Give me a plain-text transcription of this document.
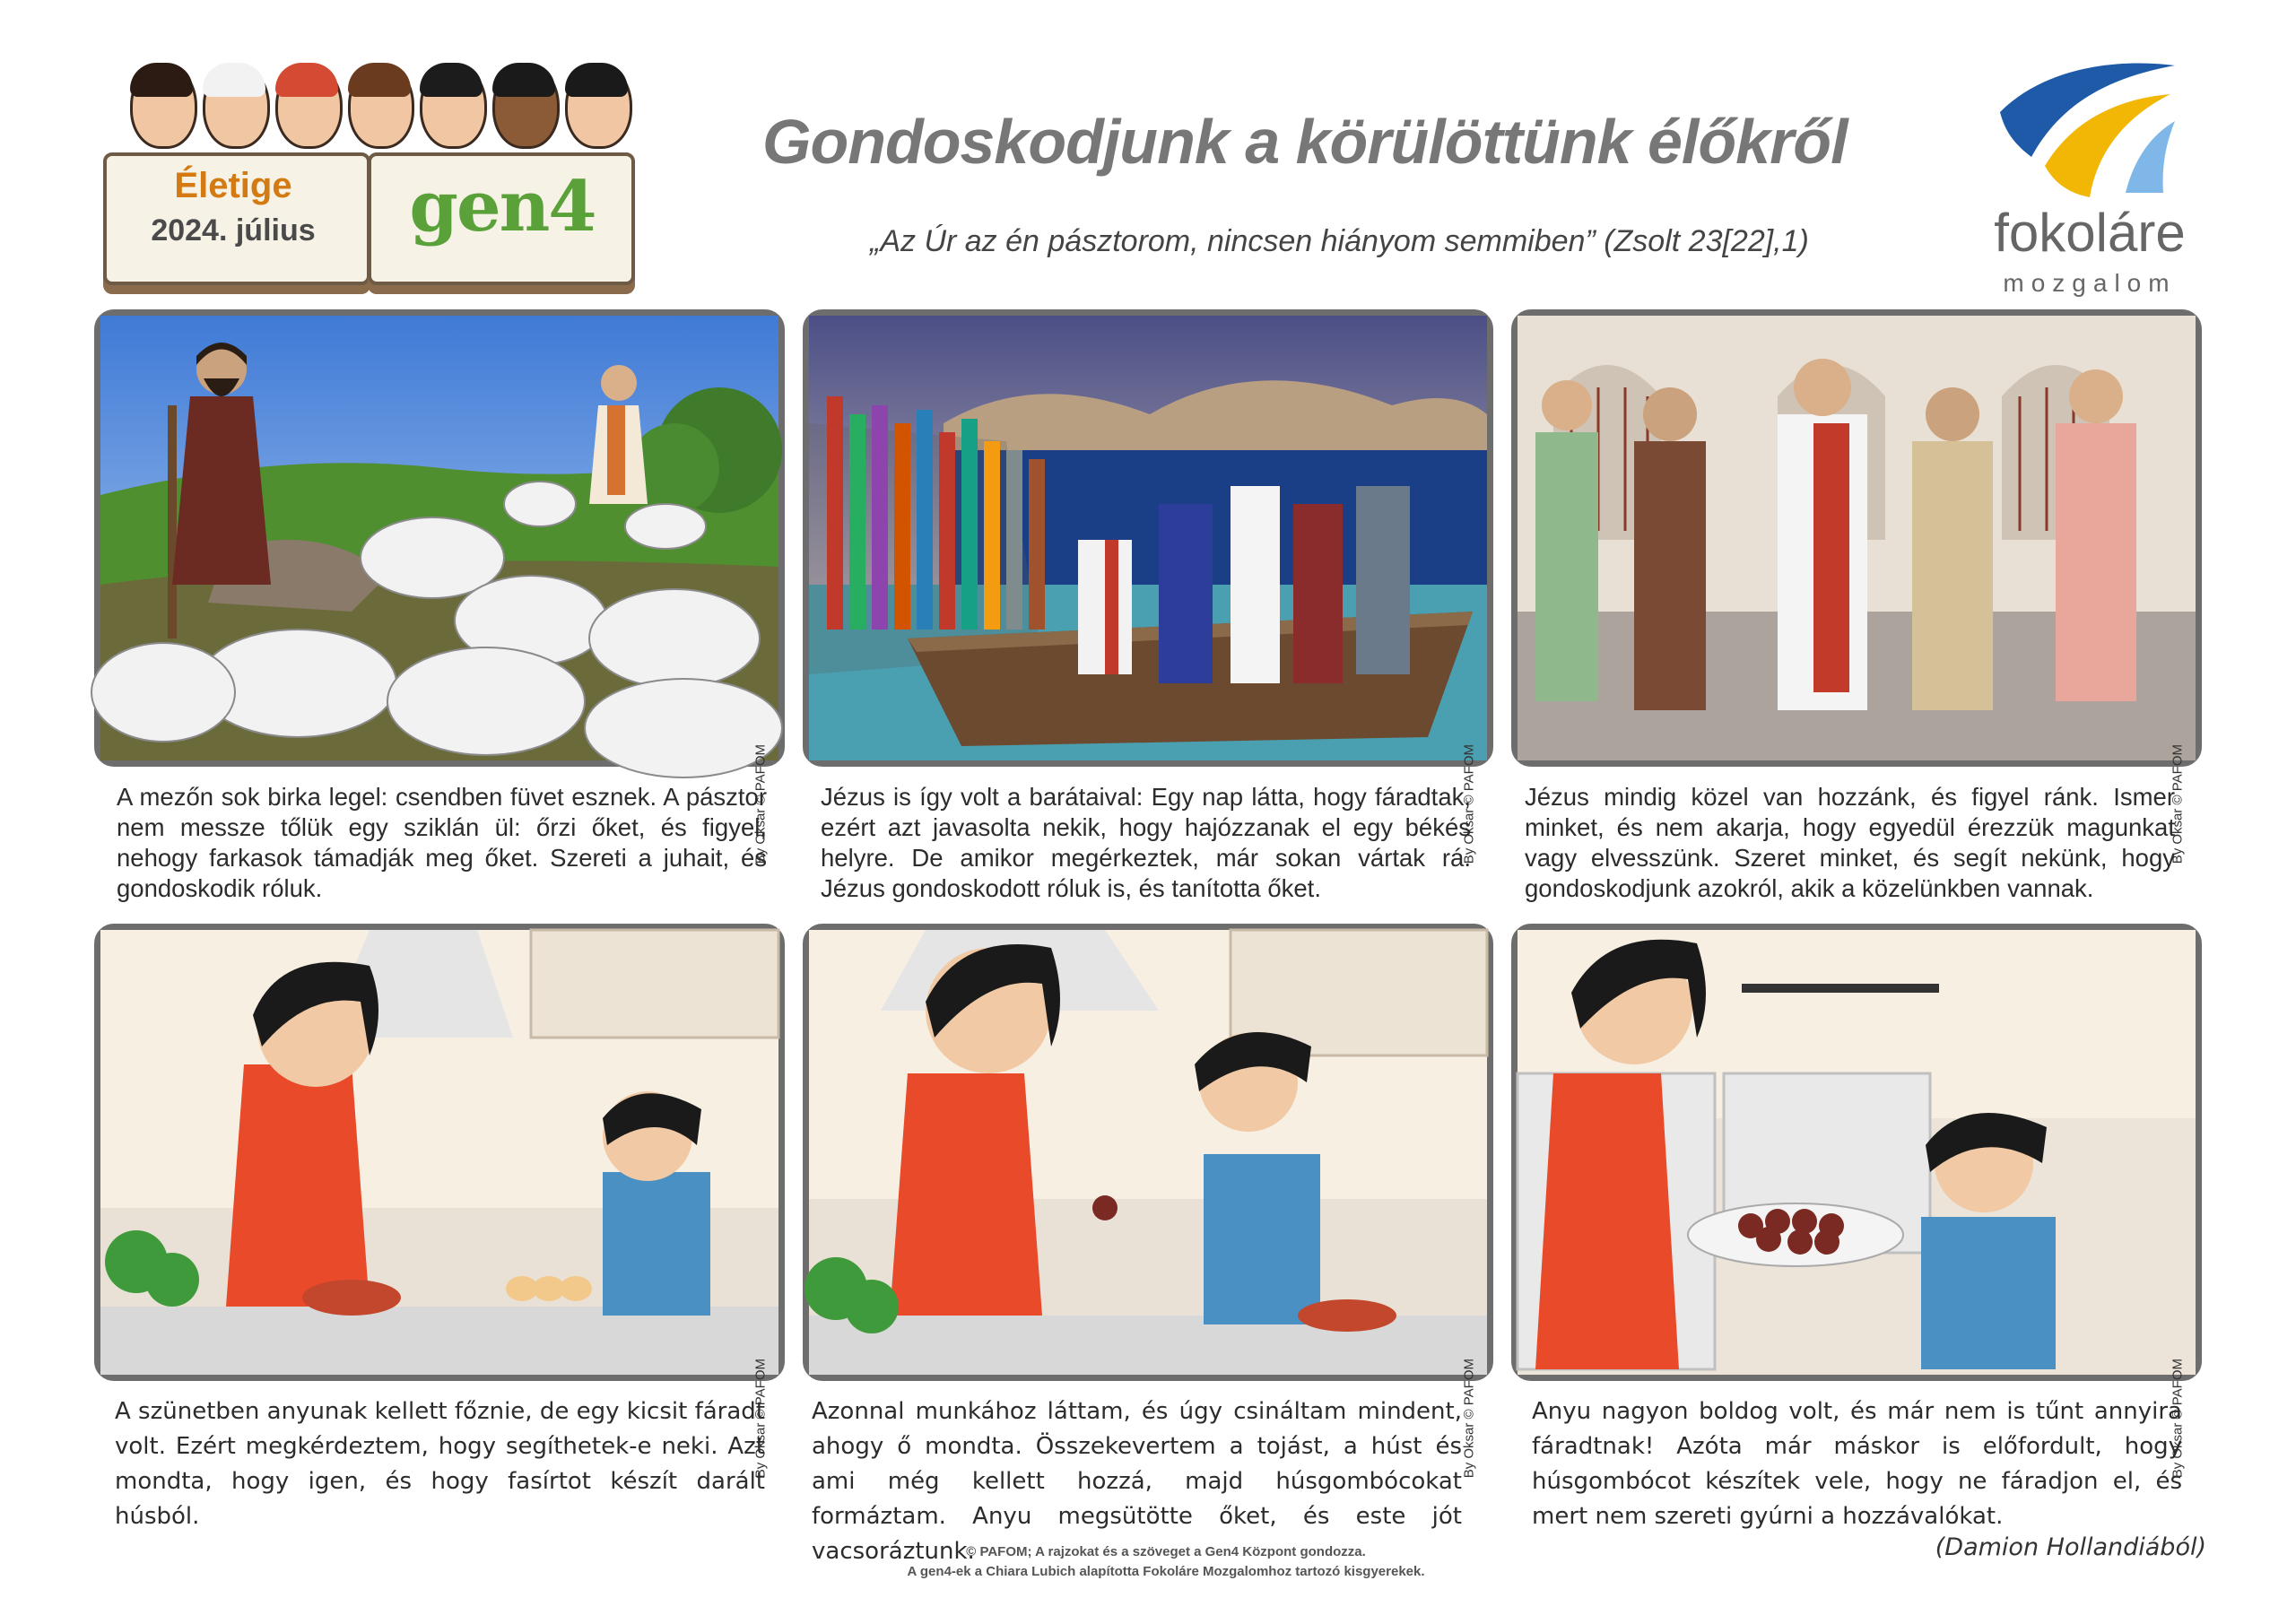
Életige
2024. július	gen4
Gondoskodjunk a körülöttünk élőkről
„Az Úr az én pásztorom, nincsen hiányom semmiben” (Zsolt 23[22],1)	fokoláre
mozgalom
By Oksar © PAFOM	By Oksar © PAFOM	By Oksar © PAFOM
A mezőn sok birka legel: csendben füvet esznek. A pásztor nem messze tőlük egy sziklán ül: őrzi őket, és figyel, nehogy farkasok támadják meg őket. Szereti a juhait, és gondoskodik róluk.
Jézus is így volt a barátaival: Egy nap látta, hogy fáradtak, ezért azt javasolta nekik, hogy hajózzanak el egy békés helyre. De amikor megérkeztek, már sokan vártak rá. Jézus gondoskodott róluk is, és tanította őket.
Jézus mindig közel van hozzánk, és figyel ránk. Ismer minket, és nem akarja, hogy egyedül érezzük magunkat vagy elvesszünk. Szeret minket, és segít nekünk, hogy gondoskodjunk azokról, akik a közelünkben vannak.
By Oksar © PAFOM	By Oksar © PAFOM	By Oksar © PAFOM
A szünetben anyunak kellett főznie, de egy kicsit fáradt volt. Ezért megkérdeztem, hogy segíthetek-e neki. Azt mondta, hogy igen, és hogy fasírtot készít darált húsból.
Azonnal munkához láttam, és úgy csináltam mindent, ahogy ő mondta. Összekevertem a tojást, a húst és ami még kellett hozzá, majd húsgombócokat formáztam. Anyu megsütötte őket, és este jót vacsoráztunk.
Anyu nagyon boldog volt, és már nem is tűnt annyira fáradtnak! Azóta már máskor is előfordult, hogy húsgombócot készítek vele, hogy ne fáradjon el, és mert nem szereti gyúrni a hozzávalókat.
(Damion Hollandiából)
© PAFOM; A rajzokat és a szöveget a Gen4 Központ gondozza.
A gen4-ek a Chiara Lubich alapította Fokoláre Mozgalomhoz tartozó kisgyerekek.
